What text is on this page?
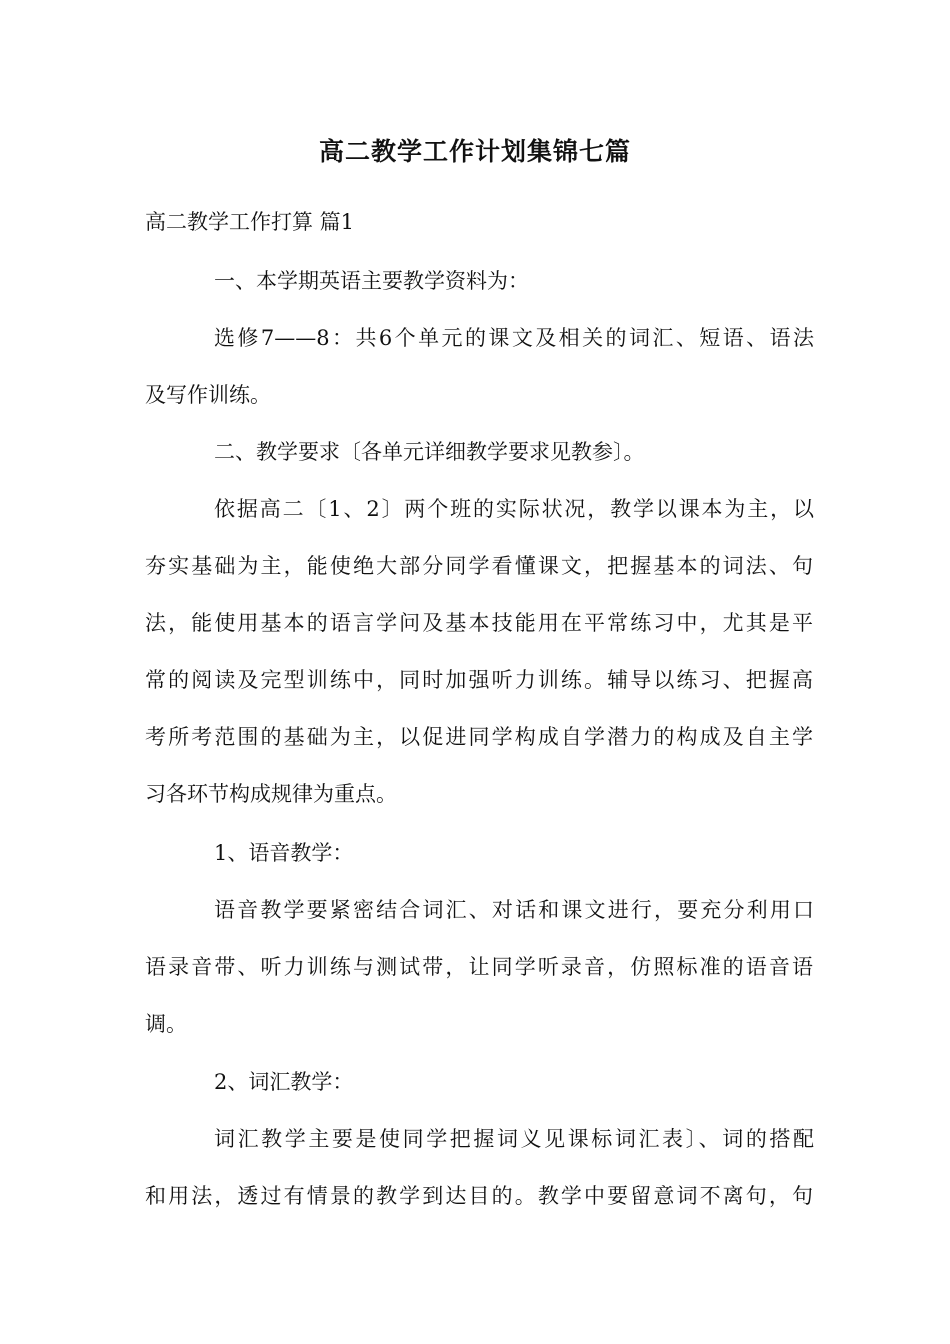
高二教学工作计划集锦七篇
高二教学工作打算 篇1
一、本学期英语主要教学资料为：
选修7——8：共6个单元的课文及相关的词汇、短语、语法
及写作训练。
二、教学要求〔各单元详细教学要求见教参〕。
依据高二〔1、2〕两个班的实际状况，教学以课本为主，以
夯实基础为主，能使绝大部分同学看懂课文，把握基本的词法、句
法，能使用基本的语言学问及基本技能用在平常练习中，尤其是平
常的阅读及完型训练中，同时加强听力训练。辅导以练习、把握高
考所考范围的基础为主，以促进同学构成自学潜力的构成及自主学
习各环节构成规律为重点。
1、语音教学：
语音教学要紧密结合词汇、对话和课文进行，要充分利用口
语录音带、听力训练与测试带，让同学听录音，仿照标准的语音语
调。
2、词汇教学：
词汇教学主要是使同学把握词义见课标词汇表〕、词的搭配
和用法，透过有情景的教学到达目的。教学中要留意词不离句，句
